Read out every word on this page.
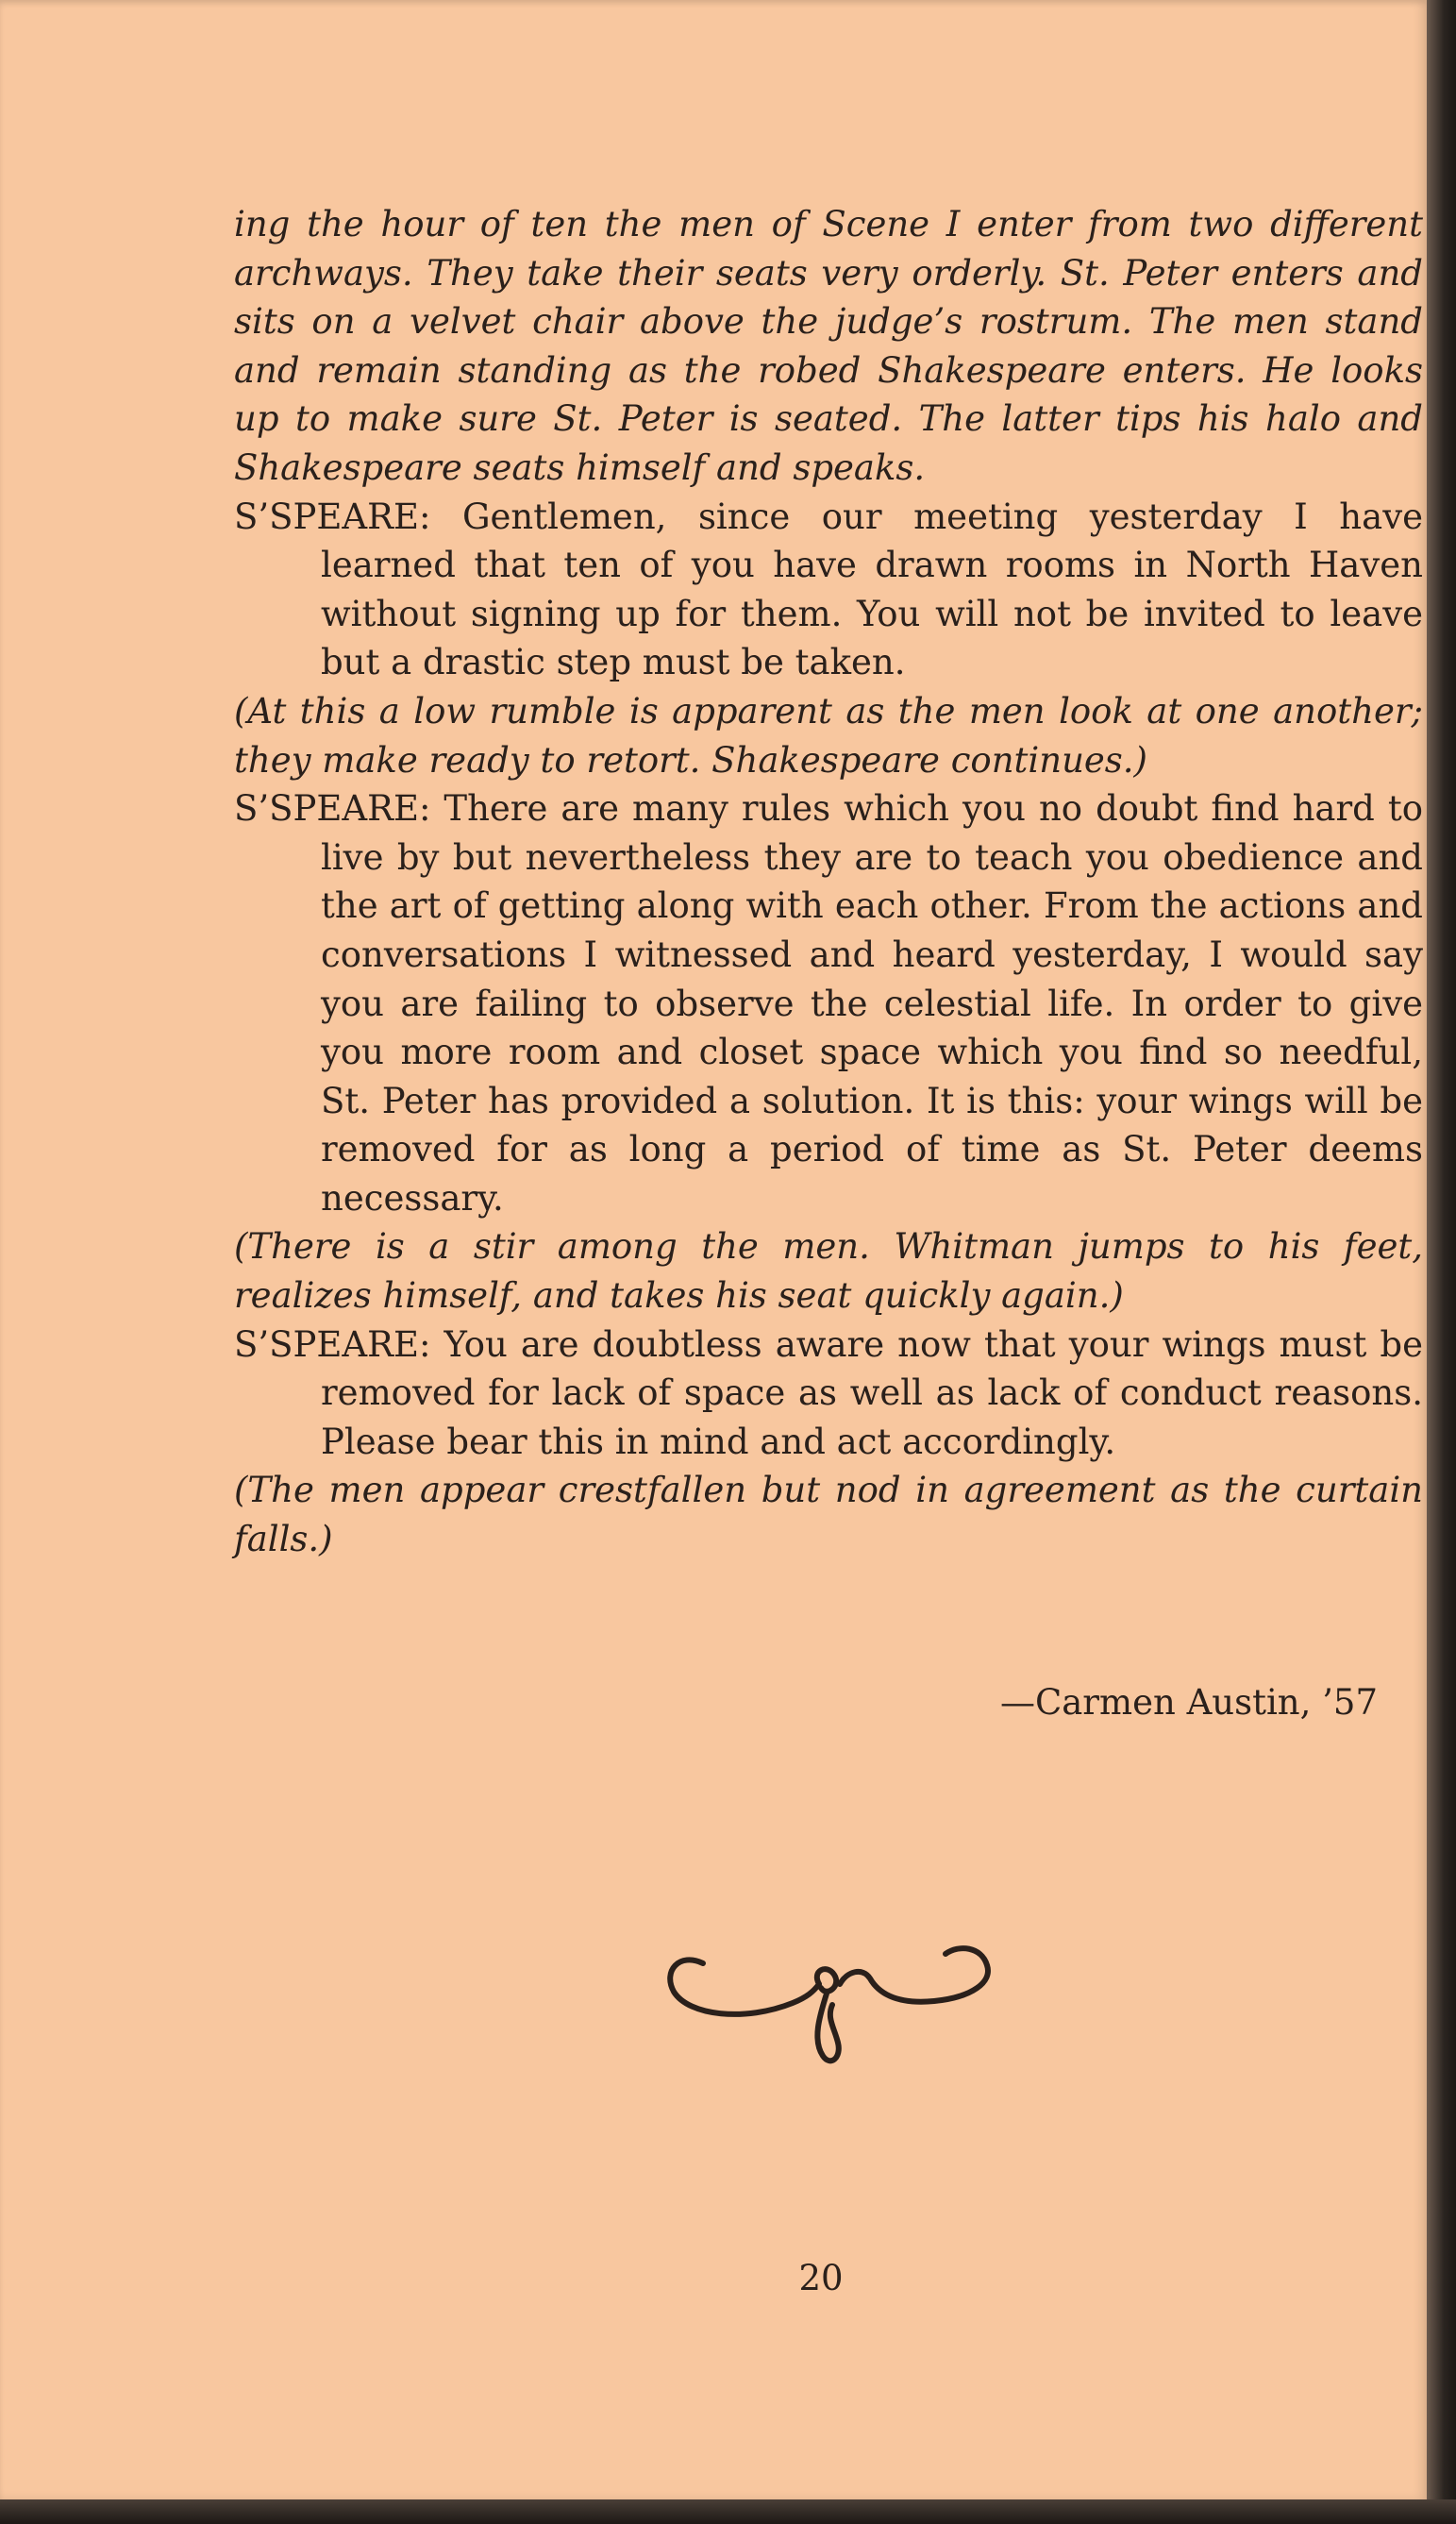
ing the hour of ten the men of Scene I enter from two different archways. They take their seats very orderly. St. Peter enters and sits on a velvet chair above the judge’s rostrum. The men stand and remain standing as the robed Shakespeare enters. He looks up to make sure St. Peter is seated. The latter tips his halo and Shakespeare seats himself and speaks.

S’SPEARE: Gentlemen, since our meeting yesterday I have learned that ten of you have drawn rooms in North Haven without signing up for them. You will not be invited to leave but a drastic step must be taken.

(At this a low rumble is apparent as the men look at one another; they make ready to retort. Shakespeare continues.)

S’SPEARE: There are many rules which you no doubt find hard to live by but nevertheless they are to teach you obedience and the art of getting along with each other. From the actions and conversations I witnessed and heard yesterday, I would say you are failing to observe the celestial life. In order to give you more room and closet space which you find so needful, St. Peter has provided a solution. It is this: your wings will be removed for as long a period of time as St. Peter deems necessary.

(There is a stir among the men. Whitman jumps to his feet, realizes himself, and takes his seat quickly again.)

S’SPEARE: You are doubtless aware now that your wings must be removed for lack of space as well as lack of conduct reasons. Please bear this in mind and act accordingly.

(The men appear crestfallen but nod in agreement as the curtain falls.)

—Carmen Austin, ’57
20
